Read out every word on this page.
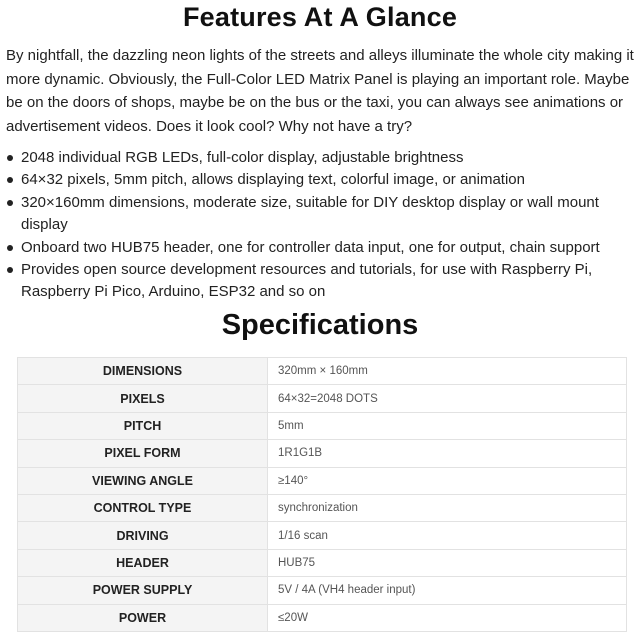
Features At A Glance

By nightfall, the dazzling neon lights of the streets and alleys illuminate the whole city making it more dynamic. Obviously, the Full-Color LED Matrix Panel is playing an important role. Maybe be on the doors of shops, maybe be on the bus or the taxi, you can always see animations or advertisement videos. Does it look cool? Why not have a try?

2048 individual RGB LEDs, full-color display, adjustable brightness
64×32 pixels, 5mm pitch, allows displaying text, colorful image, or animation
320×160mm dimensions, moderate size, suitable for DIY desktop display or wall mount display
Onboard two HUB75 header, one for controller data input, one for output, chain support
Provides open source development resources and tutorials, for use with Raspberry Pi, Raspberry Pi Pico, Arduino, ESP32 and so on
Specifications
DIMENSIONS	320mm × 160mm
PIXELS	64×32=2048 DOTS
PITCH	5mm
PIXEL FORM	1R1G1B
VIEWING ANGLE	≥140°
CONTROL TYPE	synchronization
DRIVING	1/16 scan
HEADER	HUB75
POWER SUPPLY	5V / 4A (VH4 header input)
POWER	≤20W
